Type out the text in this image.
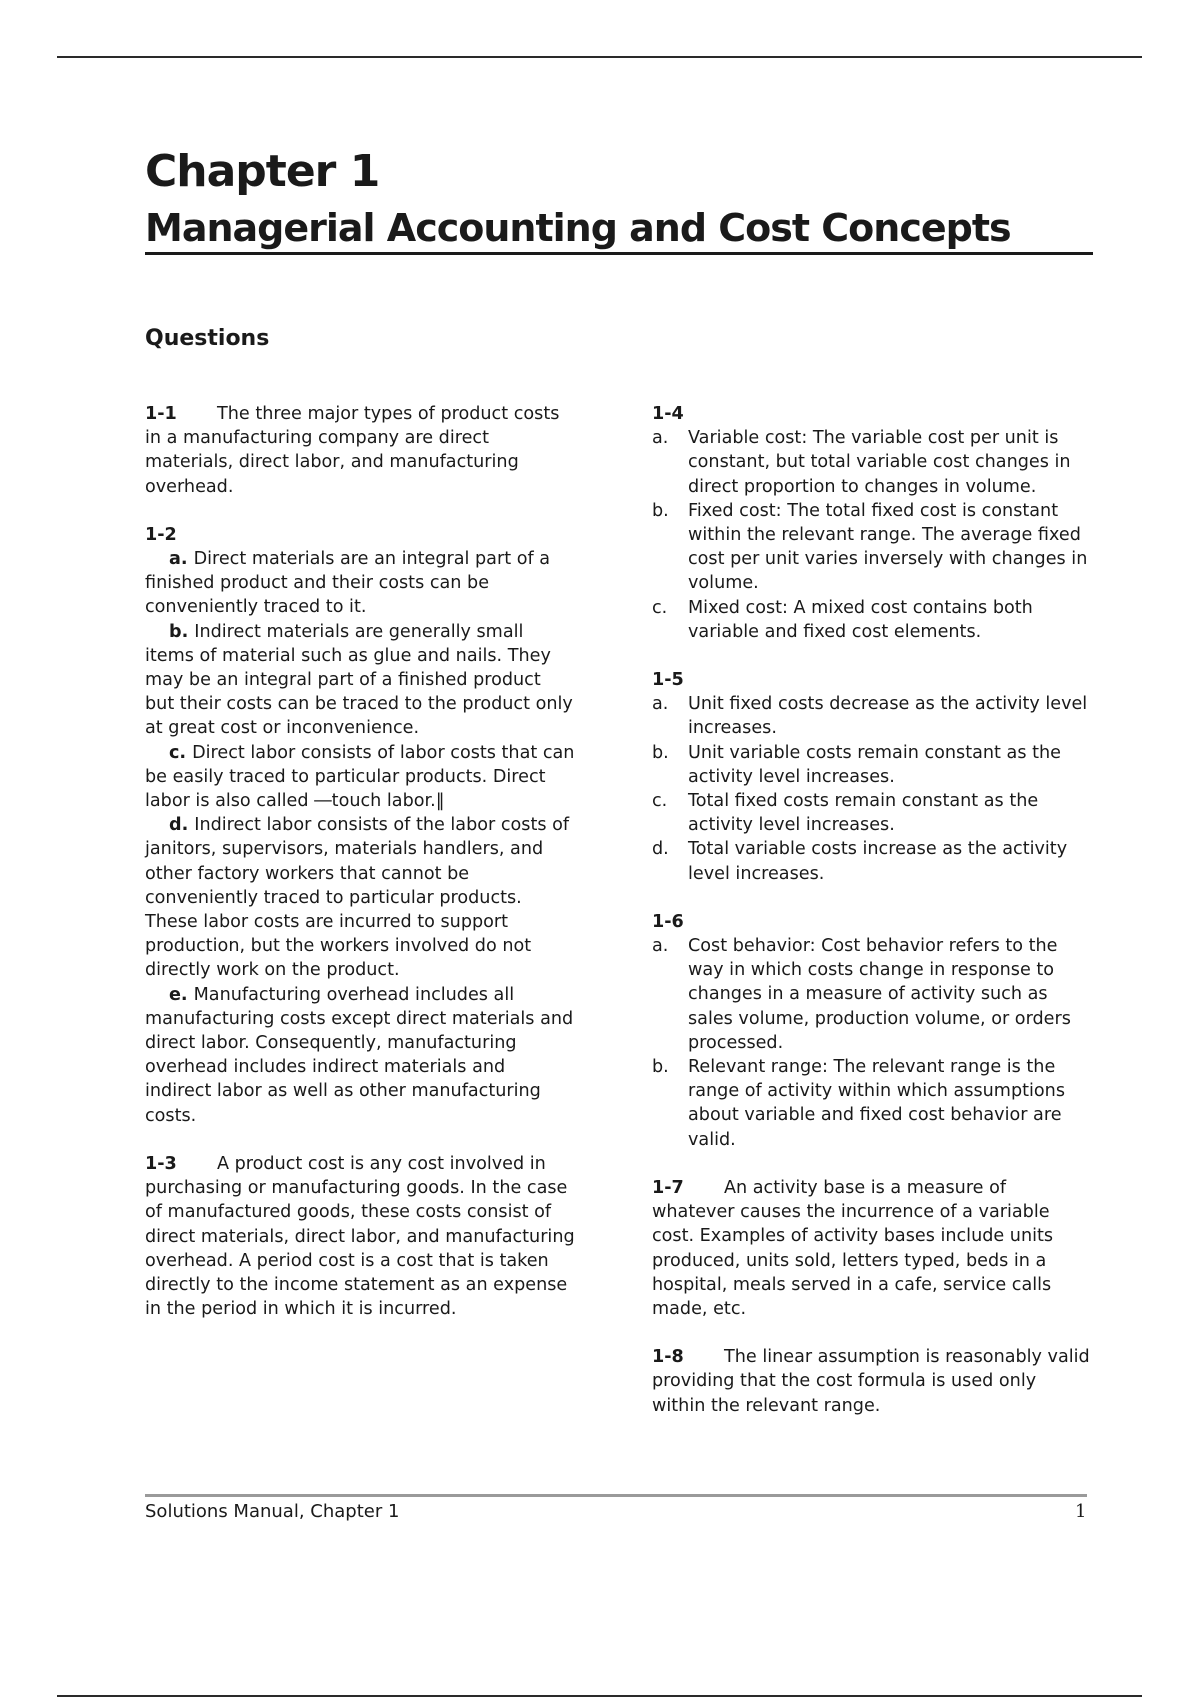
Chapter 1
Managerial Accounting and Cost Concepts
Questions

1-1 The three major types of product costs in a manufacturing company are direct materials, direct labor, and manufacturing overhead.

1-2

a. Direct materials are an integral part of a finished product and their costs can be conveniently traced to it.

b. Indirect materials are generally small items of material such as glue and nails. They may be an integral part of a finished product but their costs can be traced to the product only at great cost or inconvenience.

c. Direct labor consists of labor costs that can be easily traced to particular products. Direct labor is also called ―touch labor.‖

d. Indirect labor consists of the labor costs of janitors, supervisors, materials handlers, and other factory workers that cannot be conveniently traced to particular products. These labor costs are incurred to support production, but the workers involved do not directly work on the product.

e. Manufacturing overhead includes all manufacturing costs except direct materials and direct labor. Consequently, manufacturing overhead includes indirect materials and indirect labor as well as other manufacturing costs.

1-3 A product cost is any cost involved in purchasing or manufacturing goods. In the case of manufactured goods, these costs consist of direct materials, direct labor, and manufacturing overhead. A period cost is a cost that is taken directly to the income statement as an expense in the period in which it is incurred.

1-4

a.	Variable cost: The variable cost per unit is constant, but total variable cost changes in direct proportion to changes in volume.
b.	Fixed cost: The total fixed cost is constant within the relevant range. The average fixed cost per unit varies inversely with changes in volume.
c.	Mixed cost: A mixed cost contains both variable and fixed cost elements.

1-5

a.	Unit fixed costs decrease as the activity level increases.
b.	Unit variable costs remain constant as the activity level increases.
c.	Total fixed costs remain constant as the activity level increases.
d.	Total variable costs increase as the activity level increases.

1-6

a.	Cost behavior: Cost behavior refers to the way in which costs change in response to changes in a measure of activity such as sales volume, production volume, or orders processed.
b.	Relevant range: The relevant range is the range of activity within which assumptions about variable and fixed cost behavior are valid.

1-7 An activity base is a measure of whatever causes the incurrence of a variable cost. Examples of activity bases include units produced, units sold, letters typed, beds in a hospital, meals served in a cafe, service calls made, etc.

1-8 The linear assumption is reasonably valid providing that the cost formula is used only within the relevant range.

Solutions Manual, Chapter 1	1
